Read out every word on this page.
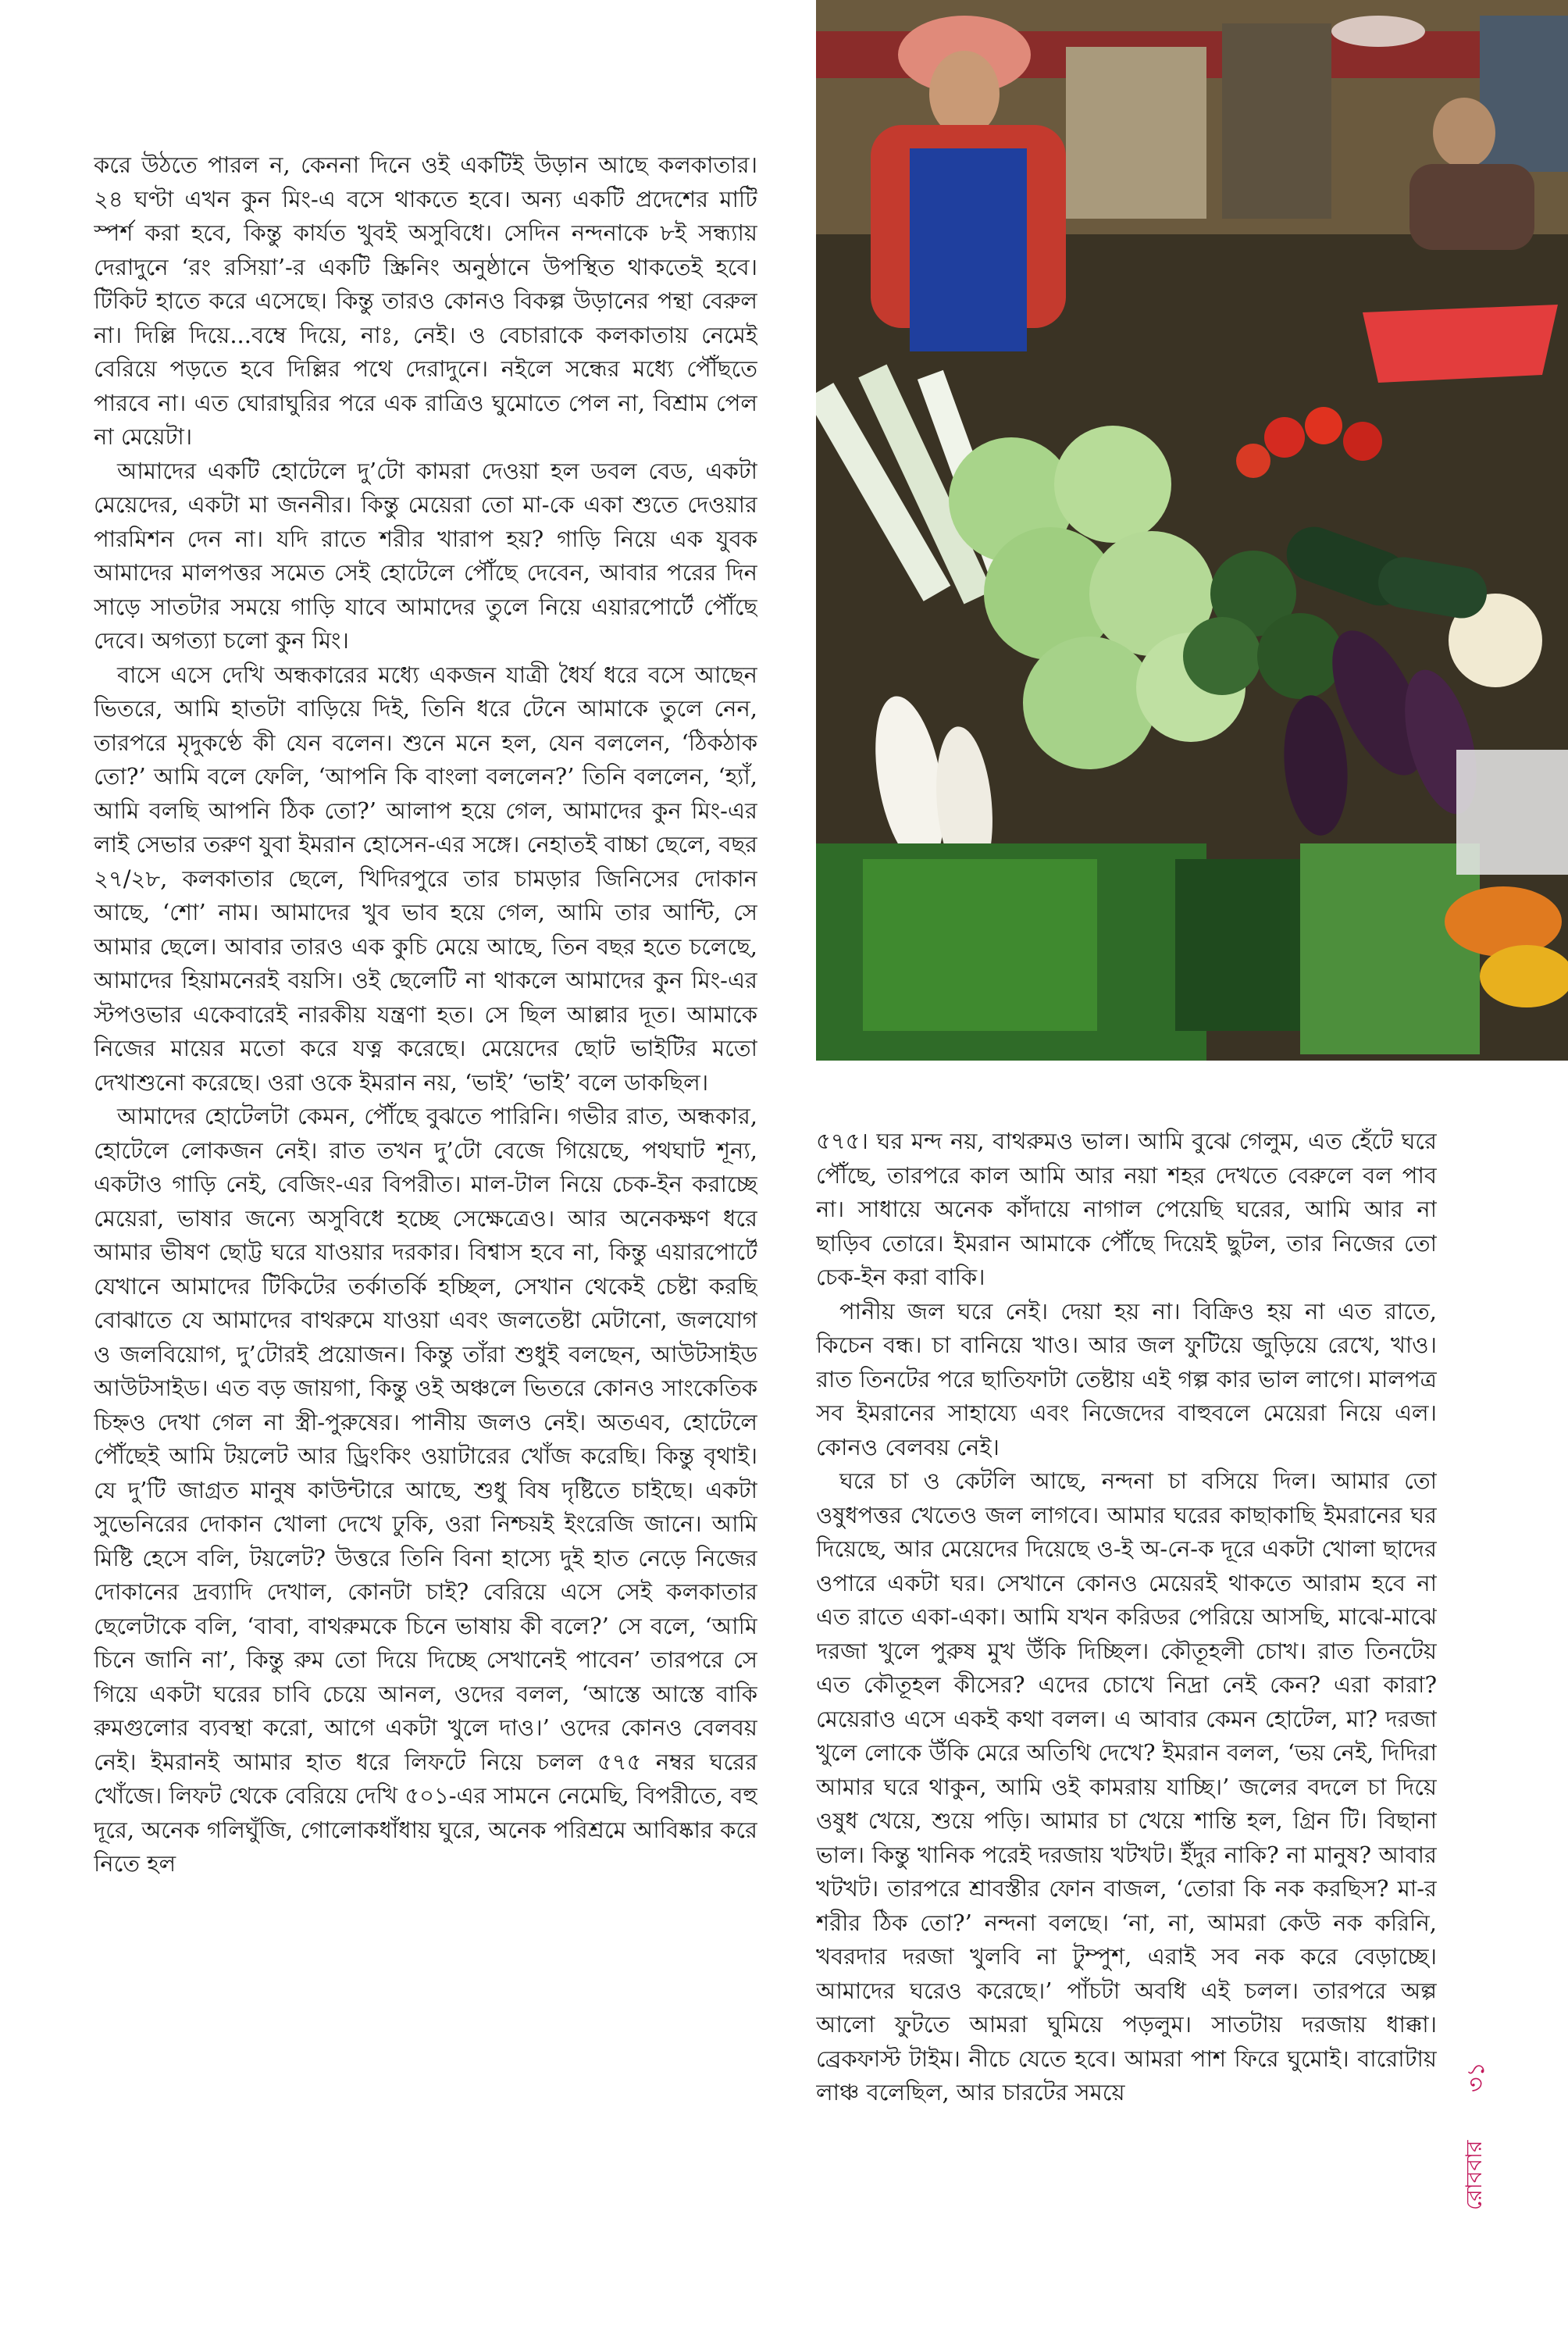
করে উঠতে পারল ন, কেননা দিনে ওই একটিই উড়ান আছে কলকাতার। ২৪ ঘণ্টা এখন কুন মিং-এ বসে থাকতে হবে। অন্য একটি প্রদেশের মাটি স্পর্শ করা হবে, কিন্তু কার্যত খুবই অসুবিধে। সেদিন নন্দনাকে ৮ই সন্ধ্যায় দেরাদুনে ‘রং রসিয়া’-র একটি স্ক্রিনিং অনুষ্ঠানে উপস্থিত থাকতেই হবে। টিকিট হাতে করে এসেছে। কিন্তু তারও কোনও বিকল্প উড়ানের পন্থা বেরুল না। দিল্লি দিয়ে...বম্বে দিয়ে, নাঃ, নেই। ও বেচারাকে কলকাতায় নেমেই বেরিয়ে পড়তে হবে দিল্লির পথে দেরাদুনে। নইলে সন্ধের মধ্যে পৌঁছতে পারবে না। এত ঘোরাঘুরির পরে এক রাত্রিও ঘুমোতে পেল না, বিশ্রাম পেল না মেয়েটা।

আমাদের একটি হোটেলে দু’টো কামরা দেওয়া হল ডবল বেড, একটা মেয়েদের, একটা মা জননীর। কিন্তু মেয়েরা তো মা-কে একা শুতে দেওয়ার পারমিশন দেন না। যদি রাতে শরীর খারাপ হয়? গাড়ি নিয়ে এক যুবক আমাদের মালপত্তর সমেত সেই হোটেলে পৌঁছে দেবেন, আবার পরের দিন সাড়ে সাতটার সময়ে গাড়ি যাবে আমাদের তুলে নিয়ে এয়ারপোর্টে পৌঁছে দেবে। অগত্যা চলো কুন মিং।

বাসে এসে দেখি অন্ধকারের মধ্যে একজন যাত্রী ধৈর্য ধরে বসে আছেন ভিতরে, আমি হাতটা বাড়িয়ে দিই, তিনি ধরে টেনে আমাকে তুলে নেন, তারপরে মৃদুকণ্ঠে কী যেন বলেন। শুনে মনে হল, যেন বললেন, ‘ঠিকঠাক তো?’ আমি বলে ফেলি, ‘আপনি কি বাংলা বললেন?’ তিনি বললেন, ‘হ্যাঁ, আমি বলছি আপনি ঠিক তো?’ আলাপ হয়ে গেল, আমাদের কুন মিং-এর লাই সেভার তরুণ যুবা ইমরান হোসেন-এর সঙ্গে। নেহাতই বাচ্চা ছেলে, বছর ২৭/২৮, কলকাতার ছেলে, খিদিরপুরে তার চামড়ার জিনিসের দোকান আছে, ‘শো’ নাম। আমাদের খুব ভাব হয়ে গেল, আমি তার আন্টি, সে আমার ছেলে। আবার তারও এক কুচি মেয়ে আছে, তিন বছর হতে চলেছে, আমাদের হিয়ামনেরই বয়সি। ওই ছেলেটি না থাকলে আমাদের কুন মিং-এর স্টপওভার একেবারেই নারকীয় যন্ত্রণা হত। সে ছিল আল্লার দূত। আমাকে নিজের মায়ের মতো করে যত্ন করেছে। মেয়েদের ছোট ভাইটির মতো দেখাশুনো করেছে। ওরা ওকে ইমরান নয়, ‘ভাই’ ‘ভাই’ বলে ডাকছিল।

আমাদের হোটেলটা কেমন, পৌঁছে বুঝতে পারিনি। গভীর রাত, অন্ধকার, হোটেলে লোকজন নেই। রাত তখন দু’টো বেজে গিয়েছে, পথঘাট শূন্য, একটাও গাড়ি নেই, বেজিং-এর বিপরীত। মাল-টাল নিয়ে চেক-ইন করাচ্ছে মেয়েরা, ভাষার জন্যে অসুবিধে হচ্ছে সেক্ষেত্রেও। আর অনেকক্ষণ ধরে আমার ভীষণ ছোট্ট ঘরে যাওয়ার দরকার। বিশ্বাস হবে না, কিন্তু এয়ারপোর্টে যেখানে আমাদের টিকিটের তর্কাতর্কি হচ্ছিল, সেখান থেকেই চেষ্টা করছি বোঝাতে যে আমাদের বাথরুমে যাওয়া এবং জলতেষ্টা মেটানো, জলযোগ ও জলবিয়োগ, দু’টোরই প্রয়োজন। কিন্তু তাঁরা শুধুই বলছেন, আউটসাইড আউটসাইড। এত বড় জায়গা, কিন্তু ওই অঞ্চলে ভিতরে কোনও সাংকেতিক চিহ্নও দেখা গেল না স্ত্রী-পুরুষের। পানীয় জলও নেই। অতএব, হোটেলে পৌঁছেই আমি টয়লেট আর ড্রিংকিং ওয়াটারের খোঁজ করেছি। কিন্তু বৃথাই। যে দু’টি জাগ্রত মানুষ কাউন্টারে আছে, শুধু বিষ দৃষ্টিতে চাইছে। একটা সুভেনিরের দোকান খোলা দেখে ঢুকি, ওরা নিশ্চয়ই ইংরেজি জানে। আমি মিষ্টি হেসে বলি, টয়লেট? উত্তরে তিনি বিনা হাস্যে দুই হাত নেড়ে নিজের দোকানের দ্রব্যাদি দেখাল, কোনটা চাই? বেরিয়ে এসে সেই কলকাতার ছেলেটাকে বলি, ‘বাবা, বাথরুমকে চিনে ভাষায় কী বলে?’ সে বলে, ‘আমি চিনে জানি না’, কিন্তু রুম তো দিয়ে দিচ্ছে সেখানেই পাবেন’ তারপরে সে গিয়ে একটা ঘরের চাবি চেয়ে আনল, ওদের বলল, ‘আস্তে আস্তে বাকি রুমগুলোর ব্যবস্থা করো, আগে একটা খুলে দাও।’ ওদের কোনও বেলবয় নেই। ইমরানই আমার হাত ধরে লিফটে নিয়ে চলল ৫৭৫ নম্বর ঘরের খোঁজে। লিফট থেকে বেরিয়ে দেখি ৫০১-এর সামনে নেমেছি, বিপরীতে, বহু দূরে, অনেক গলিঘুঁজি, গোলোকধাঁধায় ঘুরে, অনেক পরিশ্রমে আবিষ্কার করে নিতে হল

৫৭৫। ঘর মন্দ নয়, বাথরুমও ভাল। আমি বুঝে গেলুম, এত হেঁটে ঘরে পৌঁছে, তারপরে কাল আমি আর নয়া শহর দেখতে বেরুলে বল পাব না। সাধায়ে অনেক কাঁদায়ে নাগাল পেয়েছি ঘরের, আমি আর না ছাড়িব তোরে। ইমরান আমাকে পৌঁছে দিয়েই ছুটল, তার নিজের তো চেক-ইন করা বাকি।

পানীয় জল ঘরে নেই। দেয়া হয় না। বিক্রিও হয় না এত রাতে, কিচেন বন্ধ। চা বানিয়ে খাও। আর জল ফুটিয়ে জুড়িয়ে রেখে, খাও। রাত তিনটের পরে ছাতিফাটা তেষ্টায় এই গল্প কার ভাল লাগে। মালপত্র সব ইমরানের সাহায্যে এবং নিজেদের বাহুবলে মেয়েরা নিয়ে এল। কোনও বেলবয় নেই।

ঘরে চা ও কেটলি আছে, নন্দনা চা বসিয়ে দিল। আমার তো ওষুধপত্তর খেতেও জল লাগবে। আমার ঘরের কাছাকাছি ইমরানের ঘর দিয়েছে, আর মেয়েদের দিয়েছে ও-ই অ-নে-ক দূরে একটা খোলা ছাদের ওপারে একটা ঘর। সেখানে কোনও মেয়েরই থাকতে আরাম হবে না এত রাতে একা-একা। আমি যখন করিডর পেরিয়ে আসছি, মাঝে-মাঝে দরজা খুলে পুরুষ মুখ উঁকি দিচ্ছিল। কৌতূহলী চোখ। রাত তিনটেয় এত কৌতূহল কীসের? এদের চোখে নিদ্রা নেই কেন? এরা কারা? মেয়েরাও এসে একই কথা বলল। এ আবার কেমন হোটেল, মা? দরজা খুলে লোকে উঁকি মেরে অতিথি দেখে? ইমরান বলল, ‘ভয় নেই, দিদিরা আমার ঘরে থাকুন, আমি ওই কামরায় যাচ্ছি।’ জলের বদলে চা দিয়ে ওষুধ খেয়ে, শুয়ে পড়ি। আমার চা খেয়ে শান্তি হল, গ্রিন টি। বিছানা ভাল। কিন্তু খানিক পরেই দরজায় খটখট। ইঁদুর নাকি? না মানুষ? আবার খটখট। তারপরে শ্রাবস্তীর ফোন বাজল, ‘তোরা কি নক করছিস? মা-র শরীর ঠিক তো?’ নন্দনা বলছে। ‘না, না, আমরা কেউ নক করিনি, খবরদার দরজা খুলবি না টুম্পুশ, এরাই সব নক করে বেড়াচ্ছে। আমাদের ঘরেও করেছে।’ পাঁচটা অবধি এই চলল। তারপরে অল্প আলো ফুটতে আমরা ঘুমিয়ে পড়লুম। সাতটায় দরজায় ধাক্কা। ব্রেকফাস্ট টাইম। নীচে যেতে হবে। আমরা পাশ ফিরে ঘুমোই। বারোটায় লাঞ্চ বলেছিল, আর চারটের সময়ে

৩১
রোববার
